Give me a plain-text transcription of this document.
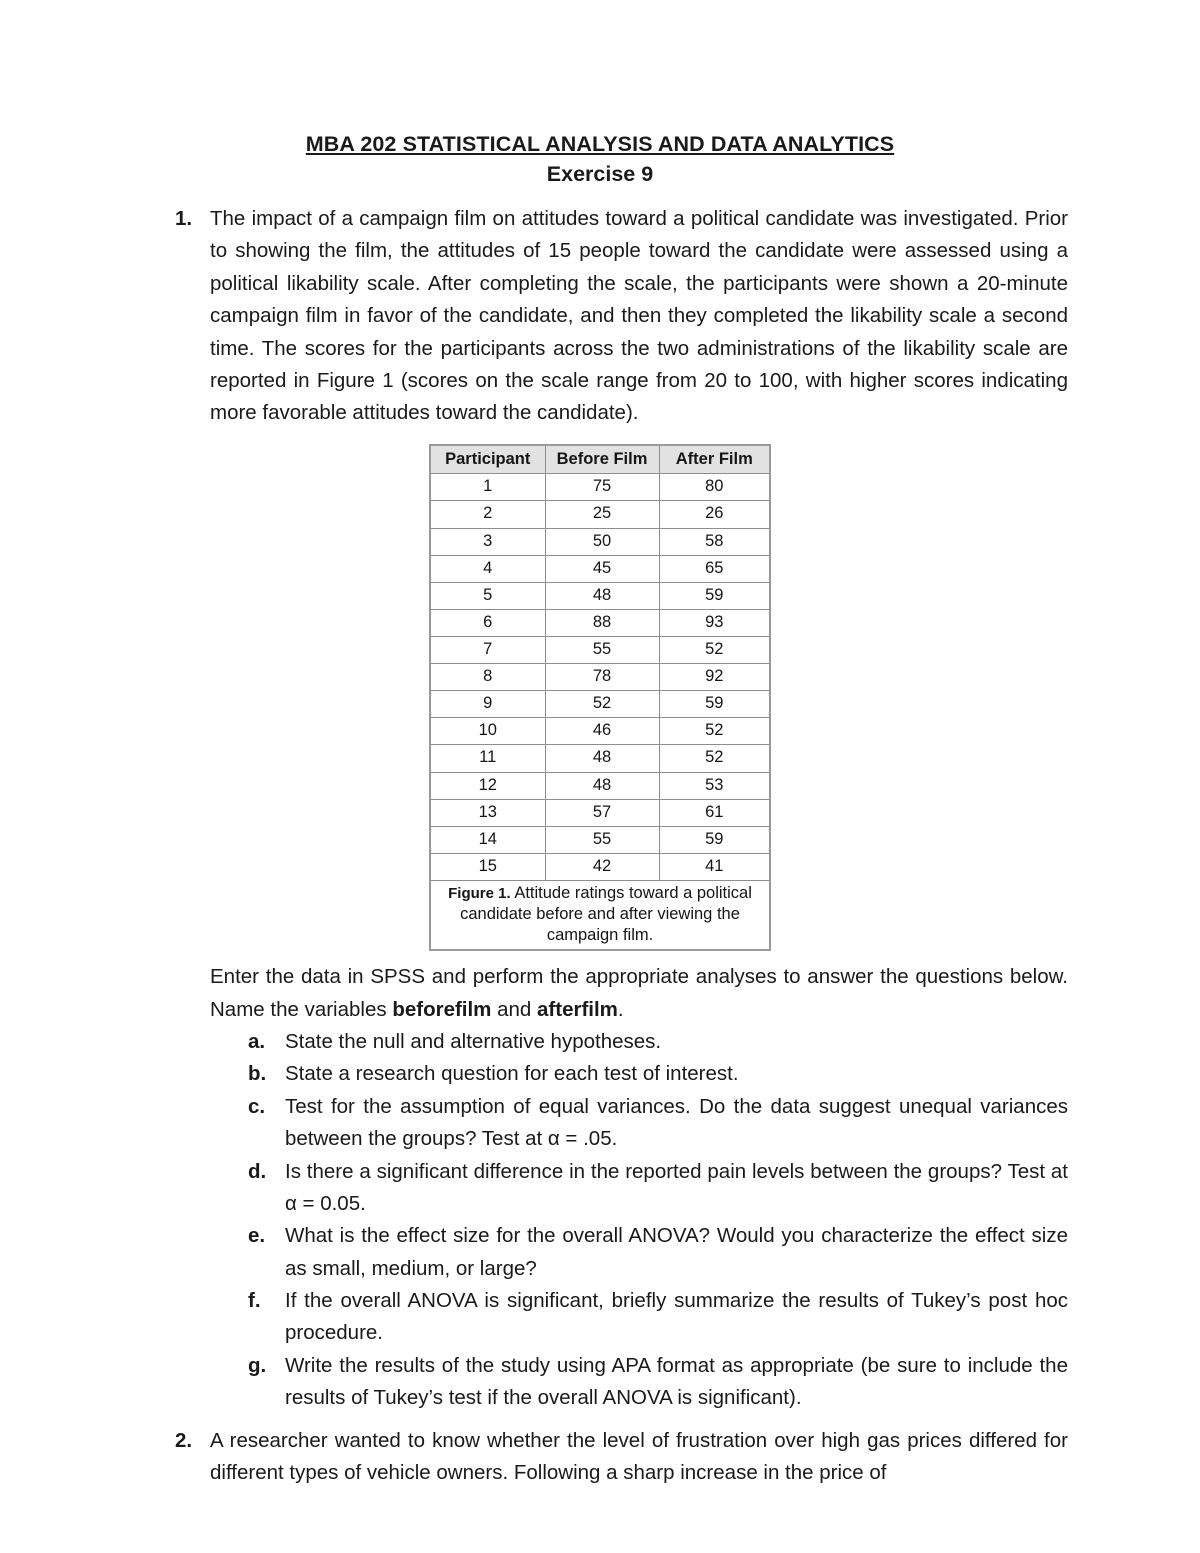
MBA 202 STATISTICAL ANALYSIS AND DATA ANALYTICS
Exercise 9
1. The impact of a campaign film on attitudes toward a political candidate was investigated. Prior to showing the film, the attitudes of 15 people toward the candidate were assessed using a political likability scale. After completing the scale, the participants were shown a 20-minute campaign film in favor of the candidate, and then they completed the likability scale a second time. The scores for the participants across the two administrations of the likability scale are reported in Figure 1 (scores on the scale range from 20 to 100, with higher scores indicating more favorable attitudes toward the candidate).

Participant	Before Film	After Film
1	75	80
2	25	26
3	50	58
4	45	65
5	48	59
6	88	93
7	55	52
8	78	92
9	52	59
10	46	52
11	48	52
12	48	53
13	57	61
14	55	59
15	42	41
Figure 1. Attitude ratings toward a political candidate before and after viewing the campaign film.		

Enter the data in SPSS and perform the appropriate analyses to answer the questions below. Name the variables beforefilm and afterfilm.

a. State the null and alternative hypotheses.

b. State a research question for each test of interest.

c. Test for the assumption of equal variances. Do the data suggest unequal variances between the groups? Test at α = .05.

d. Is there a significant difference in the reported pain levels between the groups? Test at α = 0.05.

e. What is the effect size for the overall ANOVA? Would you characterize the effect size as small, medium, or large?

f.	If the overall ANOVA is significant, briefly summarize the results of Tukey’s post hoc procedure.

g. Write the results of the study using APA format as appropriate (be sure to include the results of Tukey’s test if the overall ANOVA is significant).

2. A researcher wanted to know whether the level of frustration over high gas prices differed for different types of vehicle owners. Following a sharp increase in the price of
